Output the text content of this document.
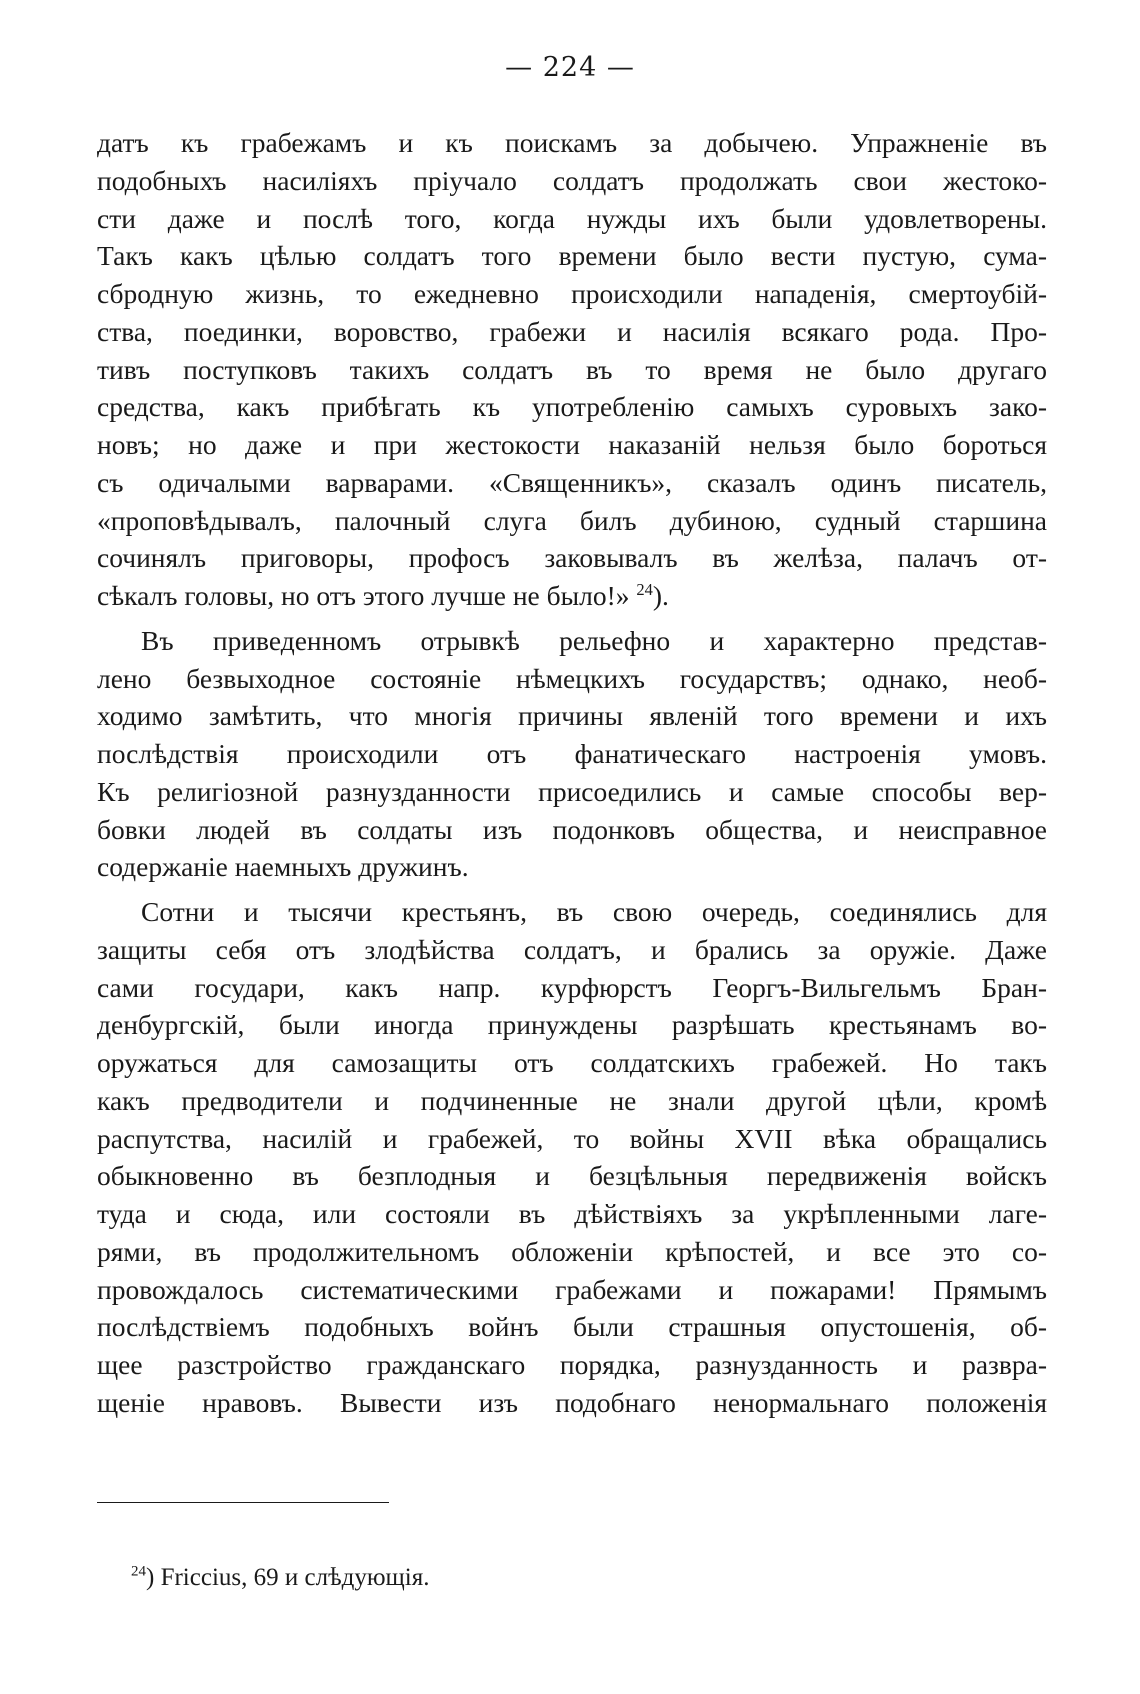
— 224 —
датъ къ грабежамъ и къ поискамъ за добычею. Упражненіе въ
подобныхъ насиліяхъ пріучало солдатъ продолжать свои жестоко-
сти даже и послѣ того, когда нужды ихъ были удовлетворены.
Такъ какъ цѣлью солдатъ того времени было вести пустую, сума-
сбродную жизнь, то ежедневно происходили нападенія, смертоубій-
ства, поединки, воровство, грабежи и насилія всякаго рода. Про-
тивъ поступковъ такихъ солдатъ въ то время не было другаго
средства, какъ прибѣгать къ употребленію самыхъ суровыхъ зако-
новъ; но даже и при жестокости наказаній нельзя было бороться
съ одичалыми варварами. «Священникъ», сказалъ одинъ писатель,
«проповѣдывалъ, палочный слуга билъ дубиною, судный старшина
сочинялъ приговоры, профосъ заковывалъ въ желѣза, палачъ от-
сѣкалъ головы, но отъ этого лучше не было!» $^{24}$).
Въ приведенномъ отрывкѣ рельефно и характерно представ-
лено безвыходное состояніе нѣмецкихъ государствъ; однако, необ-
ходимо замѣтить, что многія причины явленій того времени и ихъ
послѣдствія происходили отъ фанатическаго настроенія умовъ.
Къ религіозной разнузданности присоедились и самые способы вер-
бовки людей въ солдаты изъ подонковъ общества, и неисправное
содержаніе наемныхъ дружинъ.
Сотни и тысячи крестьянъ, въ свою очередь, соединялись для
защиты себя отъ злодѣйства солдатъ, и брались за оружіе. Даже
сами государи, какъ напр. курфюрстъ Георгъ-Вильгельмъ Бран-
денбургскій, были иногда принуждены разрѣшать крестьянамъ во-
оружаться для самозащиты отъ солдатскихъ грабежей. Но такъ
какъ предводители и подчиненные не знали другой цѣли, кромѣ
распутства, насилій и грабежей, то войны XVII вѣка обращались
обыкновенно въ безплодныя и безцѣльныя передвиженія войскъ
туда и сюда, или состояли въ дѣйствіяхъ за укрѣпленными лаге-
рями, въ продолжительномъ обложеніи крѣпостей, и все это со-
провождалось систематическими грабежами и пожарами! Прямымъ
послѣдствіемъ подобныхъ войнъ были страшныя опустошенія, об-
щее разстройство гражданскаго порядка, разнузданность и развра-
щеніе нравовъ. Вывести изъ подобнаго ненормальнаго положенія
$^{24}$) Friccius, 69 и слѣдующія.
